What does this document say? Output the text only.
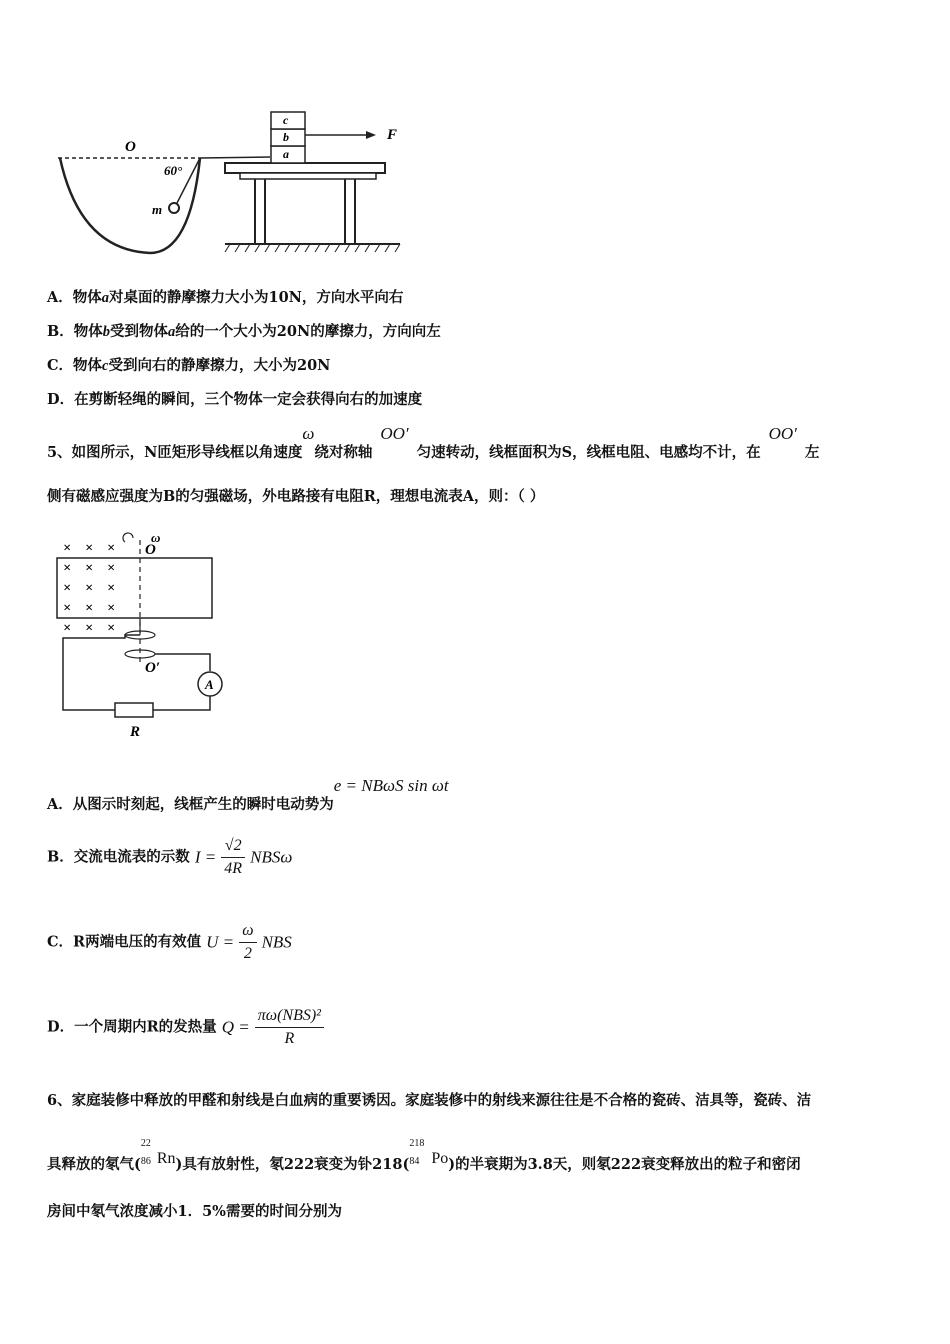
O
60°
m
c
b
a
F
A．物体a对桌面的静摩擦力大小为10N，方向水平向右
B．物体b受到物体a给的一个大小为20N的摩擦力，方向向左
C．物体c受到向右的静摩擦力，大小为20N
D．在剪断轻绳的瞬间，三个物体一定会获得向右的加速度
5、如图所示，N匝矩形导线框以角速度ω绕对称轴OO′匀速转动，线框面积为S，线框电阻、电感均不计，在OO′左
侧有磁感应强度为B的匀强磁场，外电路接有电阻R，理想电流表A，则：（ ）
× × ×
× × ×
× × ×
× × ×
× × ×
O
ω
O′
A
R
A．从图示时刻起，线框产生的瞬时电动势为e = NBωS sin ωt
B．交流电流表的示数 $I = \frac{√2}{4R}$ NBSω
C．R两端电压的有效值 $U = \frac{\omega}{2}$ NBS
D．一个周期内R的发热量 $Q = \frac{\text{πω(NBS)²}}{R}$
6、家庭装修中释放的甲醛和射线是白血病的重要诱因。家庭装修中的射线来源往往是不合格的瓷砖、洁具等，瓷砖、洁
具释放的氡气(
22
86 Rn)具有放射性，氡222衰变为钋218(
218
84 Po)的半衰期为3.8天，则氡222衰变释放出的粒子和密闭
房间中氡气浓度减小1．5%需要的时间分别为
